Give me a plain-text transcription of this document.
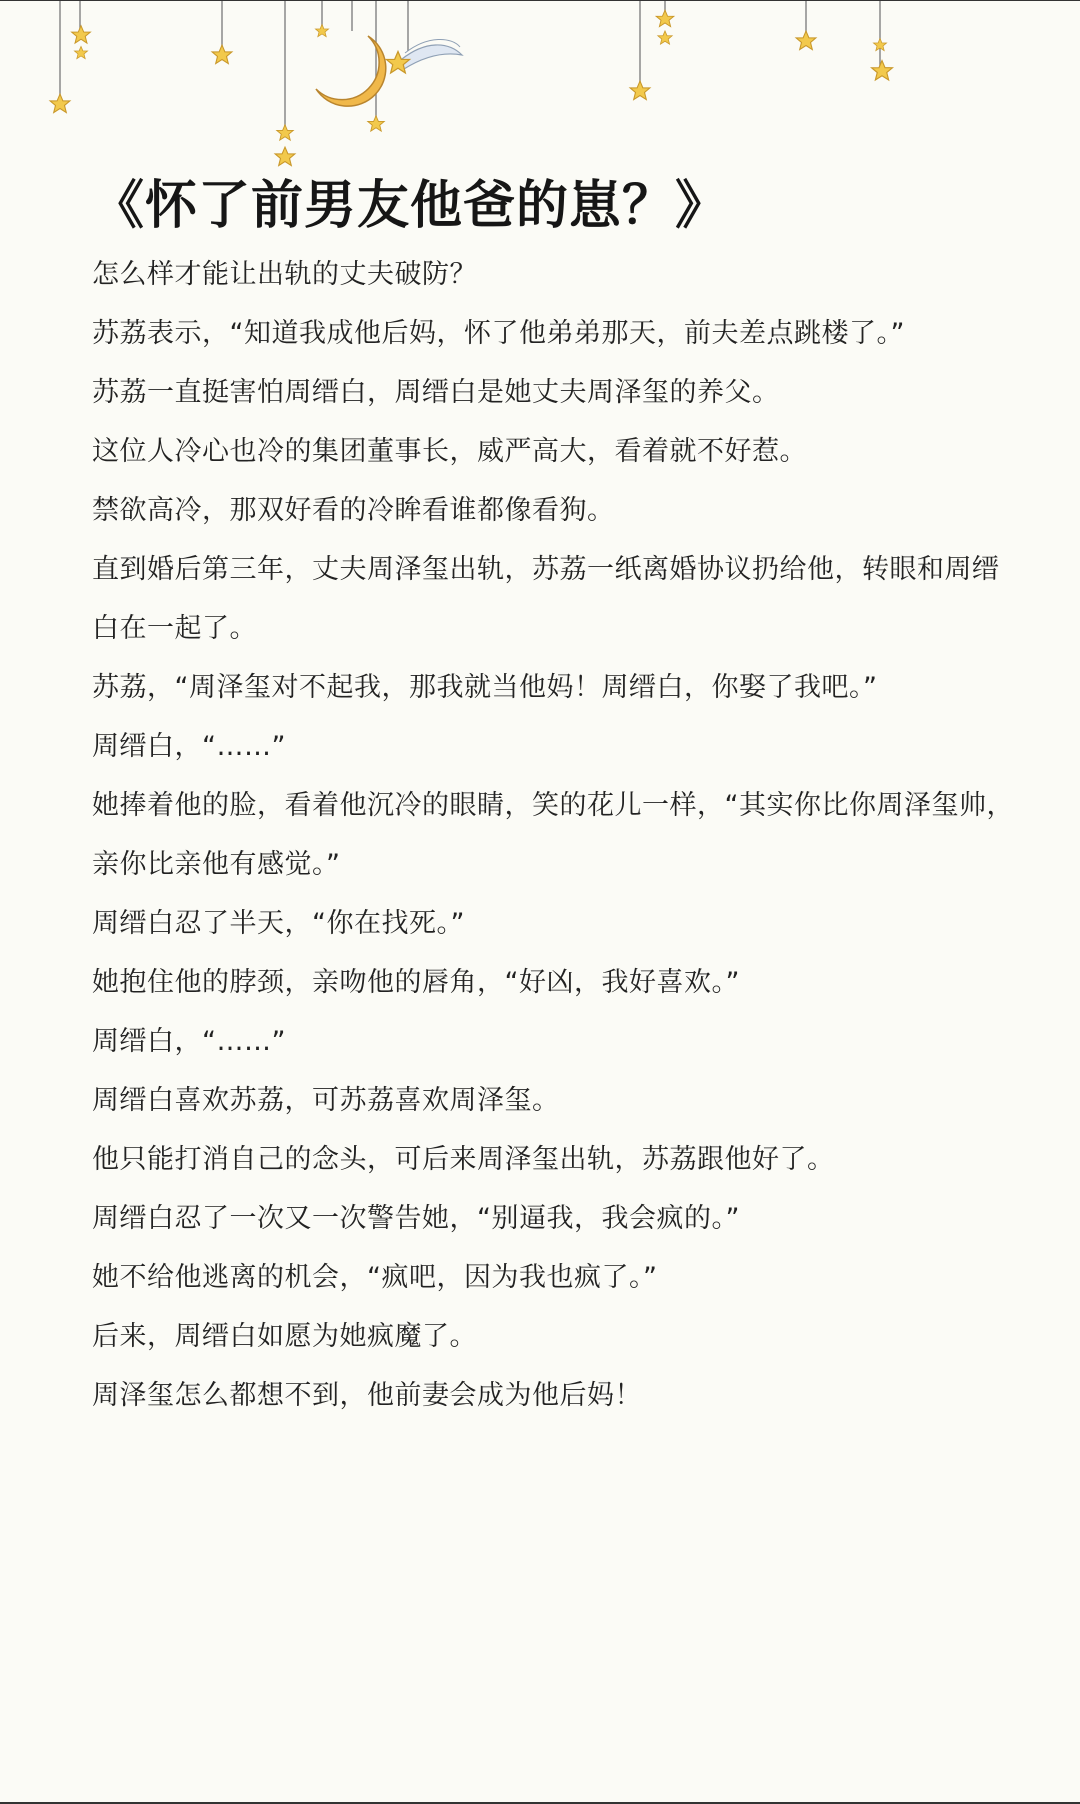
《怀了前男友他爸的崽？》

怎么样才能让出轨的丈夫破防？

苏荔表示，“知道我成他后妈，怀了他弟弟那天，前夫差点跳楼了。”

苏荔一直挺害怕周缙白，周缙白是她丈夫周泽玺的养父。

这位人冷心也冷的集团董事长，威严高大，看着就不好惹。

禁欲高冷，那双好看的冷眸看谁都像看狗。

直到婚后第三年，丈夫周泽玺出轨，苏荔一纸离婚协议扔给他，转眼和周缙白在一起了。

苏荔，“周泽玺对不起我，那我就当他妈！周缙白，你娶了我吧。”

周缙白，“……”

她捧着他的脸，看着他沉冷的眼睛，笑的花儿一样，“其实你比你周泽玺帅，亲你比亲他有感觉。”

周缙白忍了半天，“你在找死。”

她抱住他的脖颈，亲吻他的唇角，“好凶，我好喜欢。”

周缙白，“……”

周缙白喜欢苏荔，可苏荔喜欢周泽玺。

他只能打消自己的念头，可后来周泽玺出轨，苏荔跟他好了。

周缙白忍了一次又一次警告她，“别逼我，我会疯的。”

她不给他逃离的机会，“疯吧，因为我也疯了。”

后来，周缙白如愿为她疯魔了。

周泽玺怎么都想不到，他前妻会成为他后妈！
